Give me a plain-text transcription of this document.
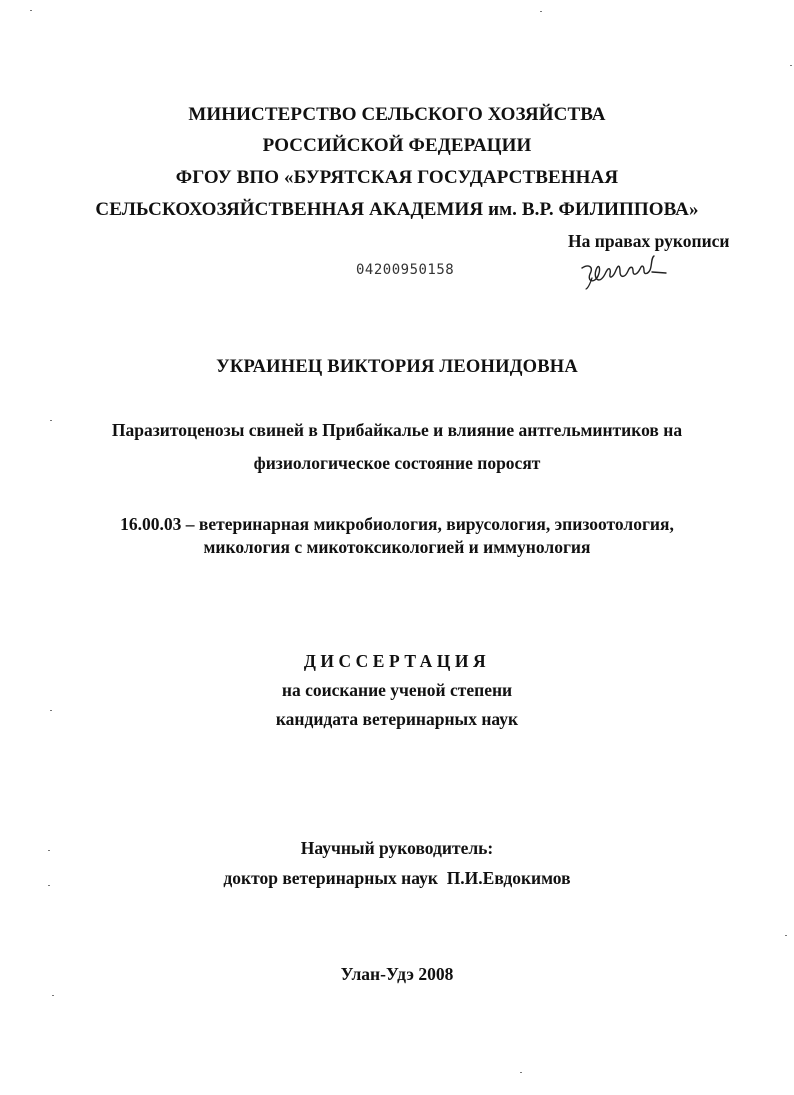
МИНИСТЕРСТВО СЕЛЬСКОГО ХОЗЯЙСТВА
РОССИЙСКОЙ ФЕДЕРАЦИИ
ФГОУ ВПО «БУРЯТСКАЯ ГОСУДАРСТВЕННАЯ
СЕЛЬСКОХОЗЯЙСТВЕННАЯ АКАДЕМИЯ им. В.Р. ФИЛИППОВА»
На правах рукописи
04200950158
УКРАИНЕЦ ВИКТОРИЯ ЛЕОНИДОВНА
Паразитоценозы свиней в Прибайкалье и влияние антгельминтиков на
физиологическое состояние поросят
16.00.03 – ветеринарная микробиология, вирусология, эпизоотология,
микология с микотоксикологией и иммунология
ДИССЕРТАЦИЯ
на соискание ученой степени
кандидата ветеринарных наук
Научный руководитель:
доктор ветеринарных наук  П.И.Евдокимов
Улан-Удэ 2008
